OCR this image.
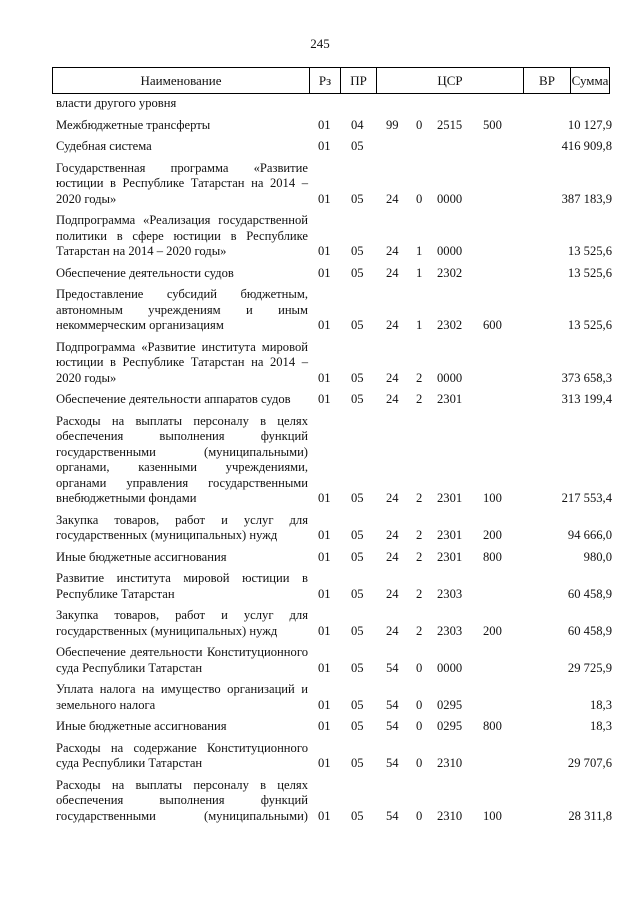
245
Наименование	Рз	ПР	ЦСР	ВР	Сумма
власти другого уровня
Межбюджетные трансферты	01 04 99 0 2515 500	10 127,9
Судебная система	01 05	416 909,8
Государственная программа «Развитие юстиции в Республике Татарстан на 2014 – 2020 годы»	01 05 24 0 0000	387 183,9
Подпрограмма «Реализация государственной политики в сфере юстиции в Республике Татарстан на 2014 – 2020 годы»	01 05 24 1 0000	13 525,6
Обеспечение деятельности судов	01 05 24 1 2302	13 525,6
Предоставление субсидий бюджетным, автономным учреждениям и иным некоммерческим организациям	01 05 24 1 2302 600	13 525,6
Подпрограмма «Развитие института мировой юстиции в Республике Татарстан на 2014 – 2020 годы»	01 05 24 2 0000	373 658,3
Обеспечение деятельности аппаратов судов	01 05 24 2 2301	313 199,4
Расходы на выплаты персоналу в целях обеспечения выполнения функций государственными (муниципальными) органами, казенными учреждениями, органами управления государственными внебюджетными фондами	01 05 24 2 2301 100	217 553,4
Закупка товаров, работ и услуг для государственных (муниципальных) нужд	01 05 24 2 2301 200	94 666,0
Иные бюджетные ассигнования	01 05 24 2 2301 800	980,0
Развитие института мировой юстиции в Республике Татарстан	01 05 24 2 2303	60 458,9
Закупка товаров, работ и услуг для государственных (муниципальных) нужд	01 05 24 2 2303 200	60 458,9
Обеспечение деятельности Конституционного суда Республики Татарстан	01 05 54 0 0000	29 725,9
Уплата налога на имущество организаций и земельного налога	01 05 54 0 0295	18,3
Иные бюджетные ассигнования	01 05 54 0 0295 800	18,3
Расходы на содержание Конституционного суда Республики Татарстан	01 05 54 0 2310	29 707,6
Расходы на выплаты персоналу в целях обеспечения выполнения функций государственными (муниципальными) 01 05 54 0 2310 100	28 311,8
